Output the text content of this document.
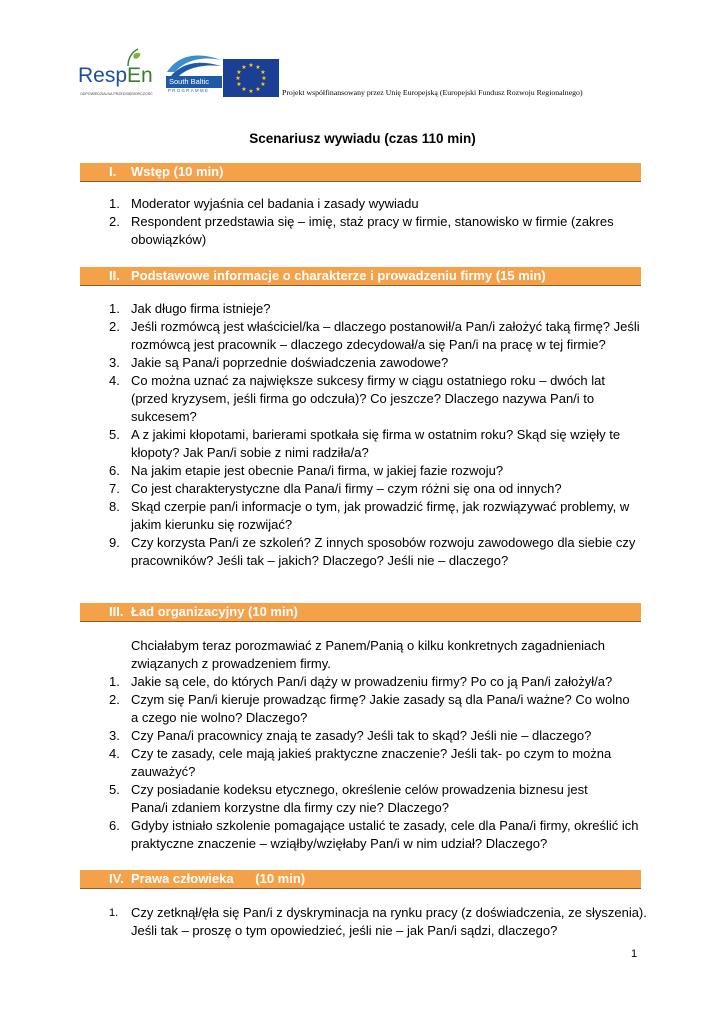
RespEn
ODPOWIEDZIALNA PRZEDSIĘBIORCZOŚĆ
South Baltic
PROGRAMME
★ ★
★
★
★
★
★
★
★
★
★
★
Projekt współfinansowany przez Unię Europejską (Europejski Fundusz Rozwoju Regionalnego)
Scenariusz wywiadu (czas 110 min)
I. Wstęp (10 min)
1. Moderator wyjaśnia cel badania i zasady wywiadu
2. Respondent przedstawia się – imię, staż pracy w firmie, stanowisko w firmie (zakres obowiązków)
II. Podstawowe informacje o charakterze i prowadzeniu firmy (15 min)
1. Jak długo firma istnieje?
2. Jeśli rozmówcą jest właściciel/ka – dlaczego postanowił/a Pan/i założyć taką firmę? Jeśli rozmówcą jest pracownik – dlaczego zdecydował/a się Pan/i na pracę w tej firmie?
3. Jakie są Pana/i poprzednie doświadczenia zawodowe?
4. Co można uznać za największe sukcesy firmy w ciągu ostatniego roku – dwóch lat (przed kryzysem, jeśli firma go odczuła)? Co jeszcze? Dlaczego nazywa Pan/i to sukcesem?
5. A z jakimi kłopotami, barierami spotkała się firma w ostatnim roku? Skąd się wzięły te kłopoty? Jak Pan/i sobie z nimi radziła/a?
6. Na jakim etapie jest obecnie Pana/i firma, w jakiej fazie rozwoju?
7. Co jest charakterystyczne dla Pana/i firmy – czym różni się ona od innych?
8. Skąd czerpie pan/i informacje o tym, jak prowadzić firmę, jak rozwiązywać problemy, w jakim kierunku się rozwijać?
9. Czy korzysta Pan/i ze szkoleń? Z innych sposobów rozwoju zawodowego dla siebie czy pracowników? Jeśli tak – jakich? Dlaczego? Jeśli nie – dlaczego?
III. Ład organizacyjny (10 min)
Chciałabym teraz porozmawiać z Panem/Panią o kilku konkretnych zagadnieniach związanych z prowadzeniem firmy.
1. Jakie są cele, do których Pan/i dąży w prowadzeniu firmy? Po co ją Pan/i założył/a?
2. Czym się Pan/i kieruje prowadząc firmę? Jakie zasady są dla Pana/i ważne? Co wolno a czego nie wolno? Dlaczego?
3. Czy Pana/i pracownicy znają te zasady? Jeśli tak to skąd? Jeśli nie – dlaczego?
4. Czy te zasady, cele mają jakieś praktyczne znaczenie? Jeśli tak- po czym to można zauważyć?
5. Czy posiadanie kodeksu etycznego, określenie celów prowadzenia biznesu jest Pana/i zdaniem korzystne dla firmy czy nie? Dlaczego?
6. Gdyby istniało szkolenie pomagające ustalić te zasady, cele dla Pana/i firmy, określić ich praktyczne znaczenie – wziąłby/wzięłaby Pan/i w nim udział? Dlaczego?
IV. Prawa człowieka      (10 min)
1. Czy zetknął/ęła się Pan/i z dyskryminacja na rynku pracy (z doświadczenia, ze słyszenia). Jeśli tak – proszę o tym opowiedzieć, jeśli nie – jak Pan/i sądzi, dlaczego?
1
